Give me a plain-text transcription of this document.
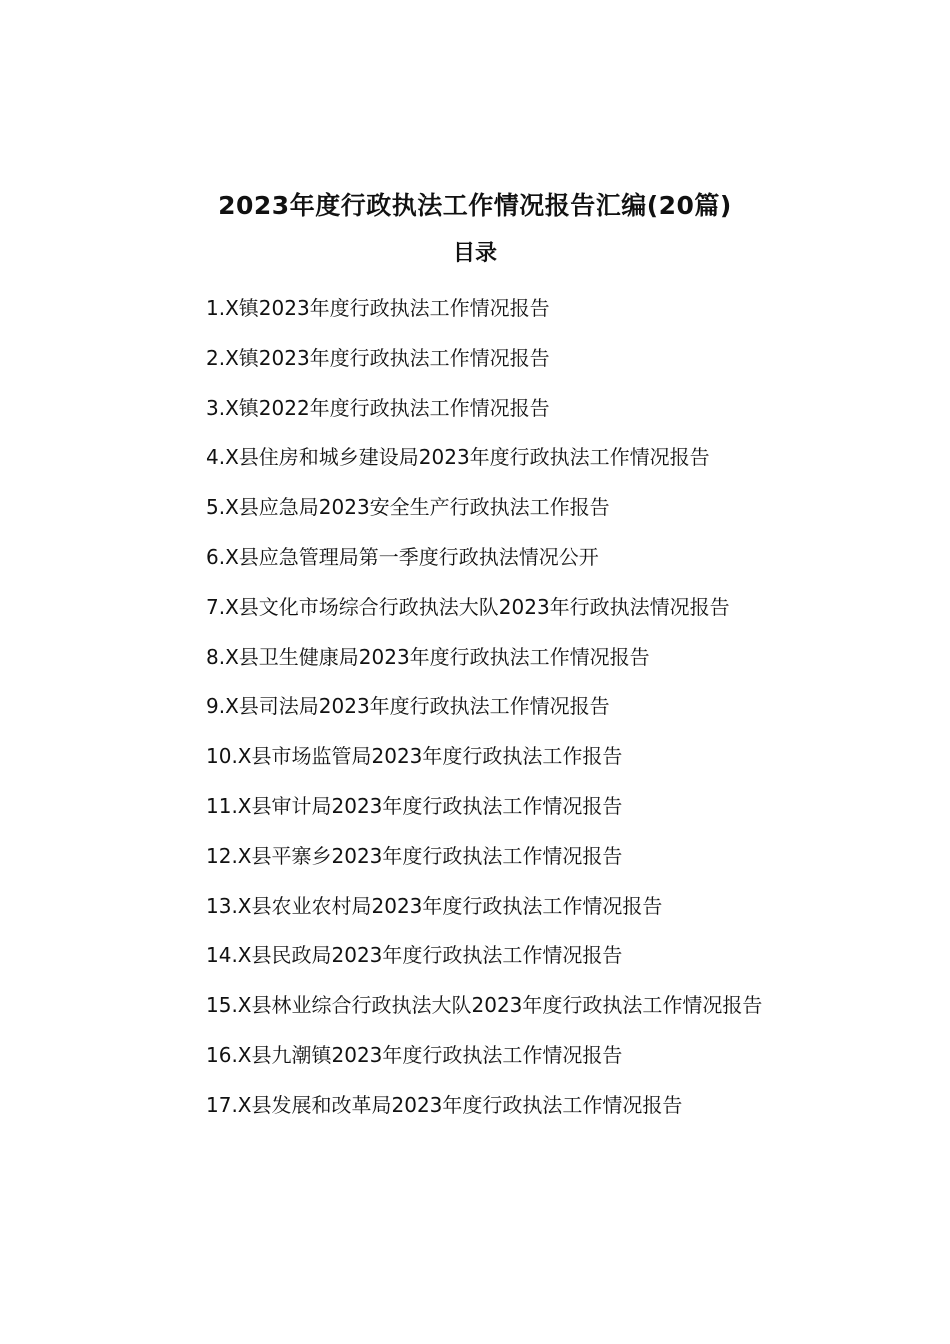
2023年度行政执法工作情况报告汇编(20篇)
目录
1.X镇2023年度行政执法工作情况报告
2.X镇2023年度行政执法工作情况报告
3.X镇2022年度行政执法工作情况报告
4.X县住房和城乡建设局2023年度行政执法工作情况报告
5.X县应急局2023安全生产行政执法工作报告
6.X县应急管理局第一季度行政执法情况公开
7.X县文化市场综合行政执法大队2023年行政执法情况报告
8.X县卫生健康局2023年度行政执法工作情况报告
9.X县司法局2023年度行政执法工作情况报告
10.X县市场监管局2023年度行政执法工作报告
11.X县审计局2023年度行政执法工作情况报告
12.X县平寨乡2023年度行政执法工作情况报告
13.X县农业农村局2023年度行政执法工作情况报告
14.X县民政局2023年度行政执法工作情况报告
15.X县林业综合行政执法大队2023年度行政执法工作情况报告
16.X县九潮镇2023年度行政执法工作情况报告
17.X县发展和改革局2023年度行政执法工作情况报告
